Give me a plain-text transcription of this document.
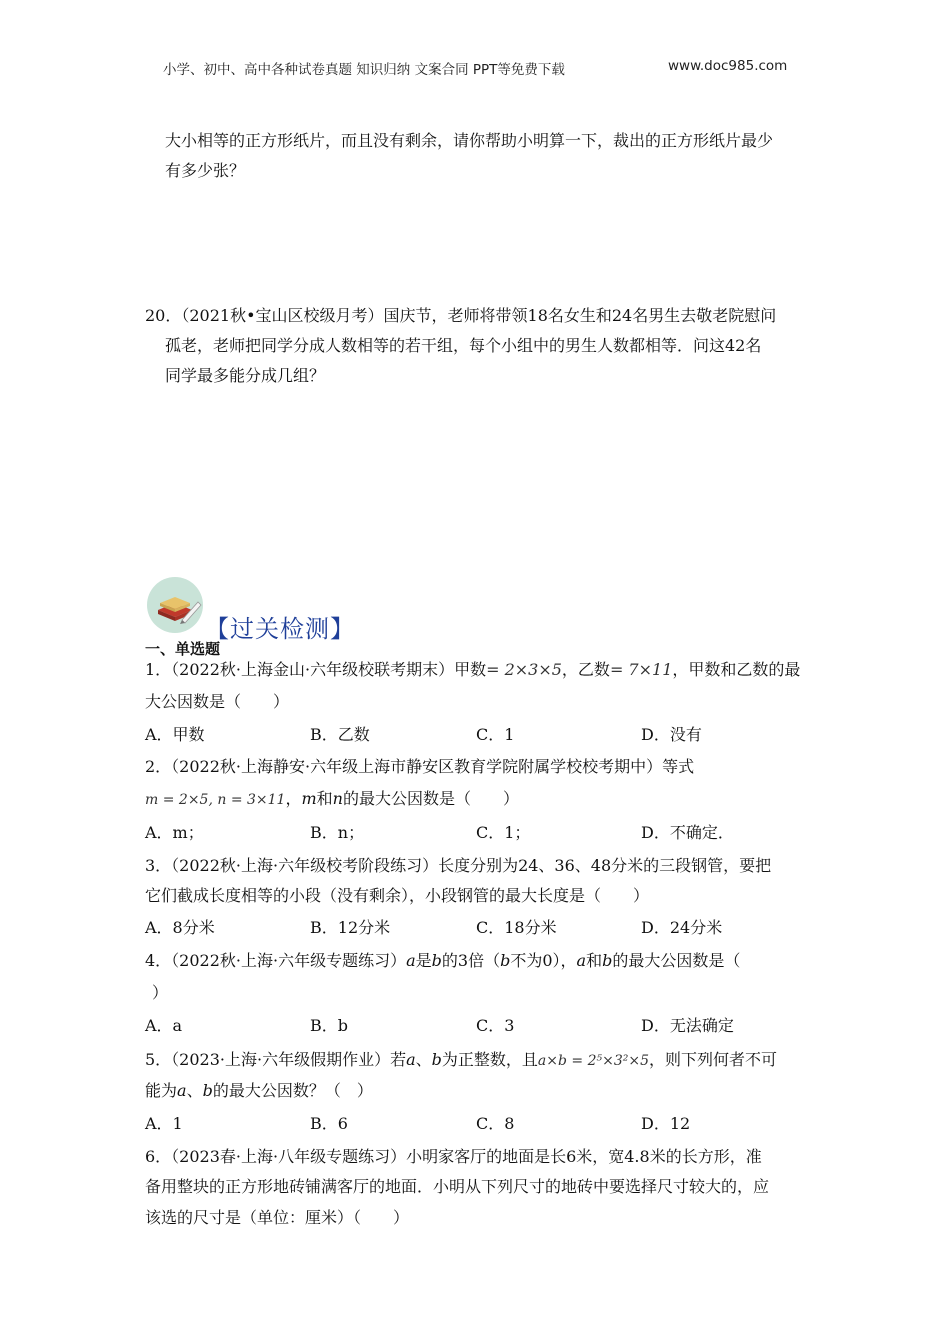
小学、初中、高中各种试卷真题 知识归纳 文案合同 PPT等免费下载	www.doc985.com
大小相等的正方形纸片，而且没有剩余，请你帮助小明算一下，裁出的正方形纸片最少
有多少张？
20．（2021秋•宝山区校级月考）国庆节，老师将带领18名女生和24名男生去敬老院慰问
孤老，老师把同学分成人数相等的若干组，每个小组中的男生人数都相等．问这42名
同学最多能分成几组？
【过关检测】
一、单选题
1．（2022秋·上海金山·六年级校联考期末）甲数= 2×3×5，乙数= 7×11，甲数和乙数的最
大公因数是（　　）
A．甲数	B．乙数	C．1	D．没有
2．（2022秋·上海静安·六年级上海市静安区教育学院附属学校校考期中）等式
m = 2×5, n = 3×11，m和n的最大公因数是（　　）
A．m；	B．n；	C．1；	D．不确定．
3．（2022秋·上海·六年级校考阶段练习）长度分别为24、36、48分米的三段钢管，要把
它们截成长度相等的小段（没有剩余），小段钢管的最大长度是（　　）
A．8分米	B．12分米	C．18分米	D．24分米
4．（2022秋·上海·六年级专题练习）a是b的3倍（b不为0），a和b的最大公因数是（
）
A．a	B．b	C．3	D．无法确定
5．（2023·上海·六年级假期作业）若a、b为正整数，且a×b = 2⁵×3²×5，则下列何者不可
能为a、b的最大公因数？（　）
A．1	B．6	C．8	D．12
6．（2023春·上海·八年级专题练习）小明家客厅的地面是长6米，宽4.8米的长方形，准
备用整块的正方形地砖铺满客厅的地面．小明从下列尺寸的地砖中要选择尺寸较大的，应
该选的尺寸是（单位：厘米）（　　）
